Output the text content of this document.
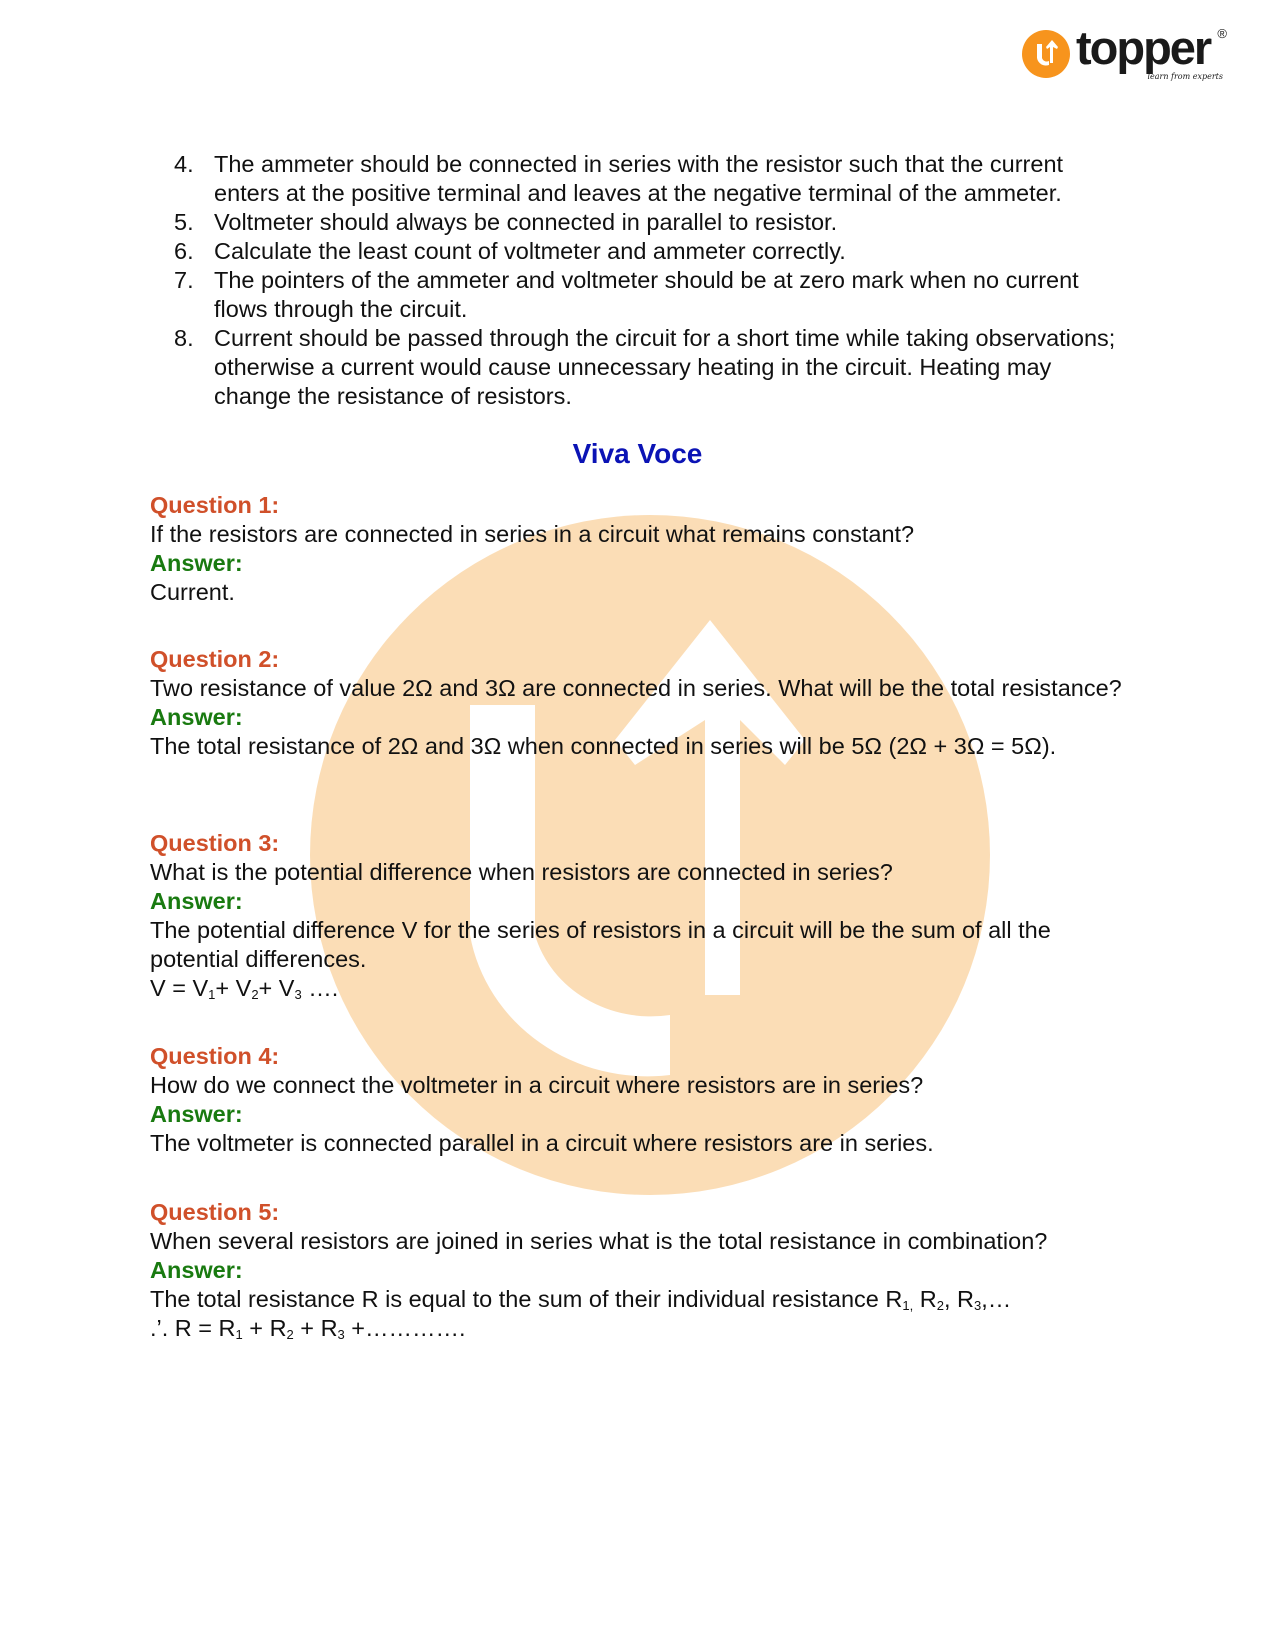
topper ®
learn from experts
4. The ammeter should be connected in series with the resistor such that the current enters at the positive terminal and leaves at the negative terminal of the ammeter.
5. Voltmeter should always be connected in parallel to resistor.
6. Calculate the least count of voltmeter and ammeter correctly.
7. The pointers of the ammeter and voltmeter should be at zero mark when no current flows through the circuit.
8. Current should be passed through the circuit for a short time while taking observations; otherwise a current would cause unnecessary heating in the circuit. Heating may change the resistance of resistors.
Viva Voce
Question 1:
If the resistors are connected in series in a circuit what remains constant?
Answer:
Current.
Question 2:
Two resistance of value 2Ω and 3Ω are connected in series. What will be the total resistance?
Answer:
The total resistance of 2Ω and 3Ω when connected in series will be 5Ω (2Ω + 3Ω = 5Ω).
Question 3:
What is the potential difference when resistors are connected in series?
Answer:
The potential difference V for the series of resistors in a circuit will be the sum of all the potential differences.
$V = V_1+ V_2+ V_3$ ….
Question 4:
How do we connect the voltmeter in a circuit where resistors are in series?
Answer:
The voltmeter is connected parallel in a circuit where resistors are in series.
Question 5:
When several resistors are joined in series what is the total resistance in combination?
Answer:
The total resistance R is equal to the sum of their individual resistance $R_{1,}$ $R_2$, $R_3,\dots$
.’. $R = R_1 + R_2 + R_3$ +………….
